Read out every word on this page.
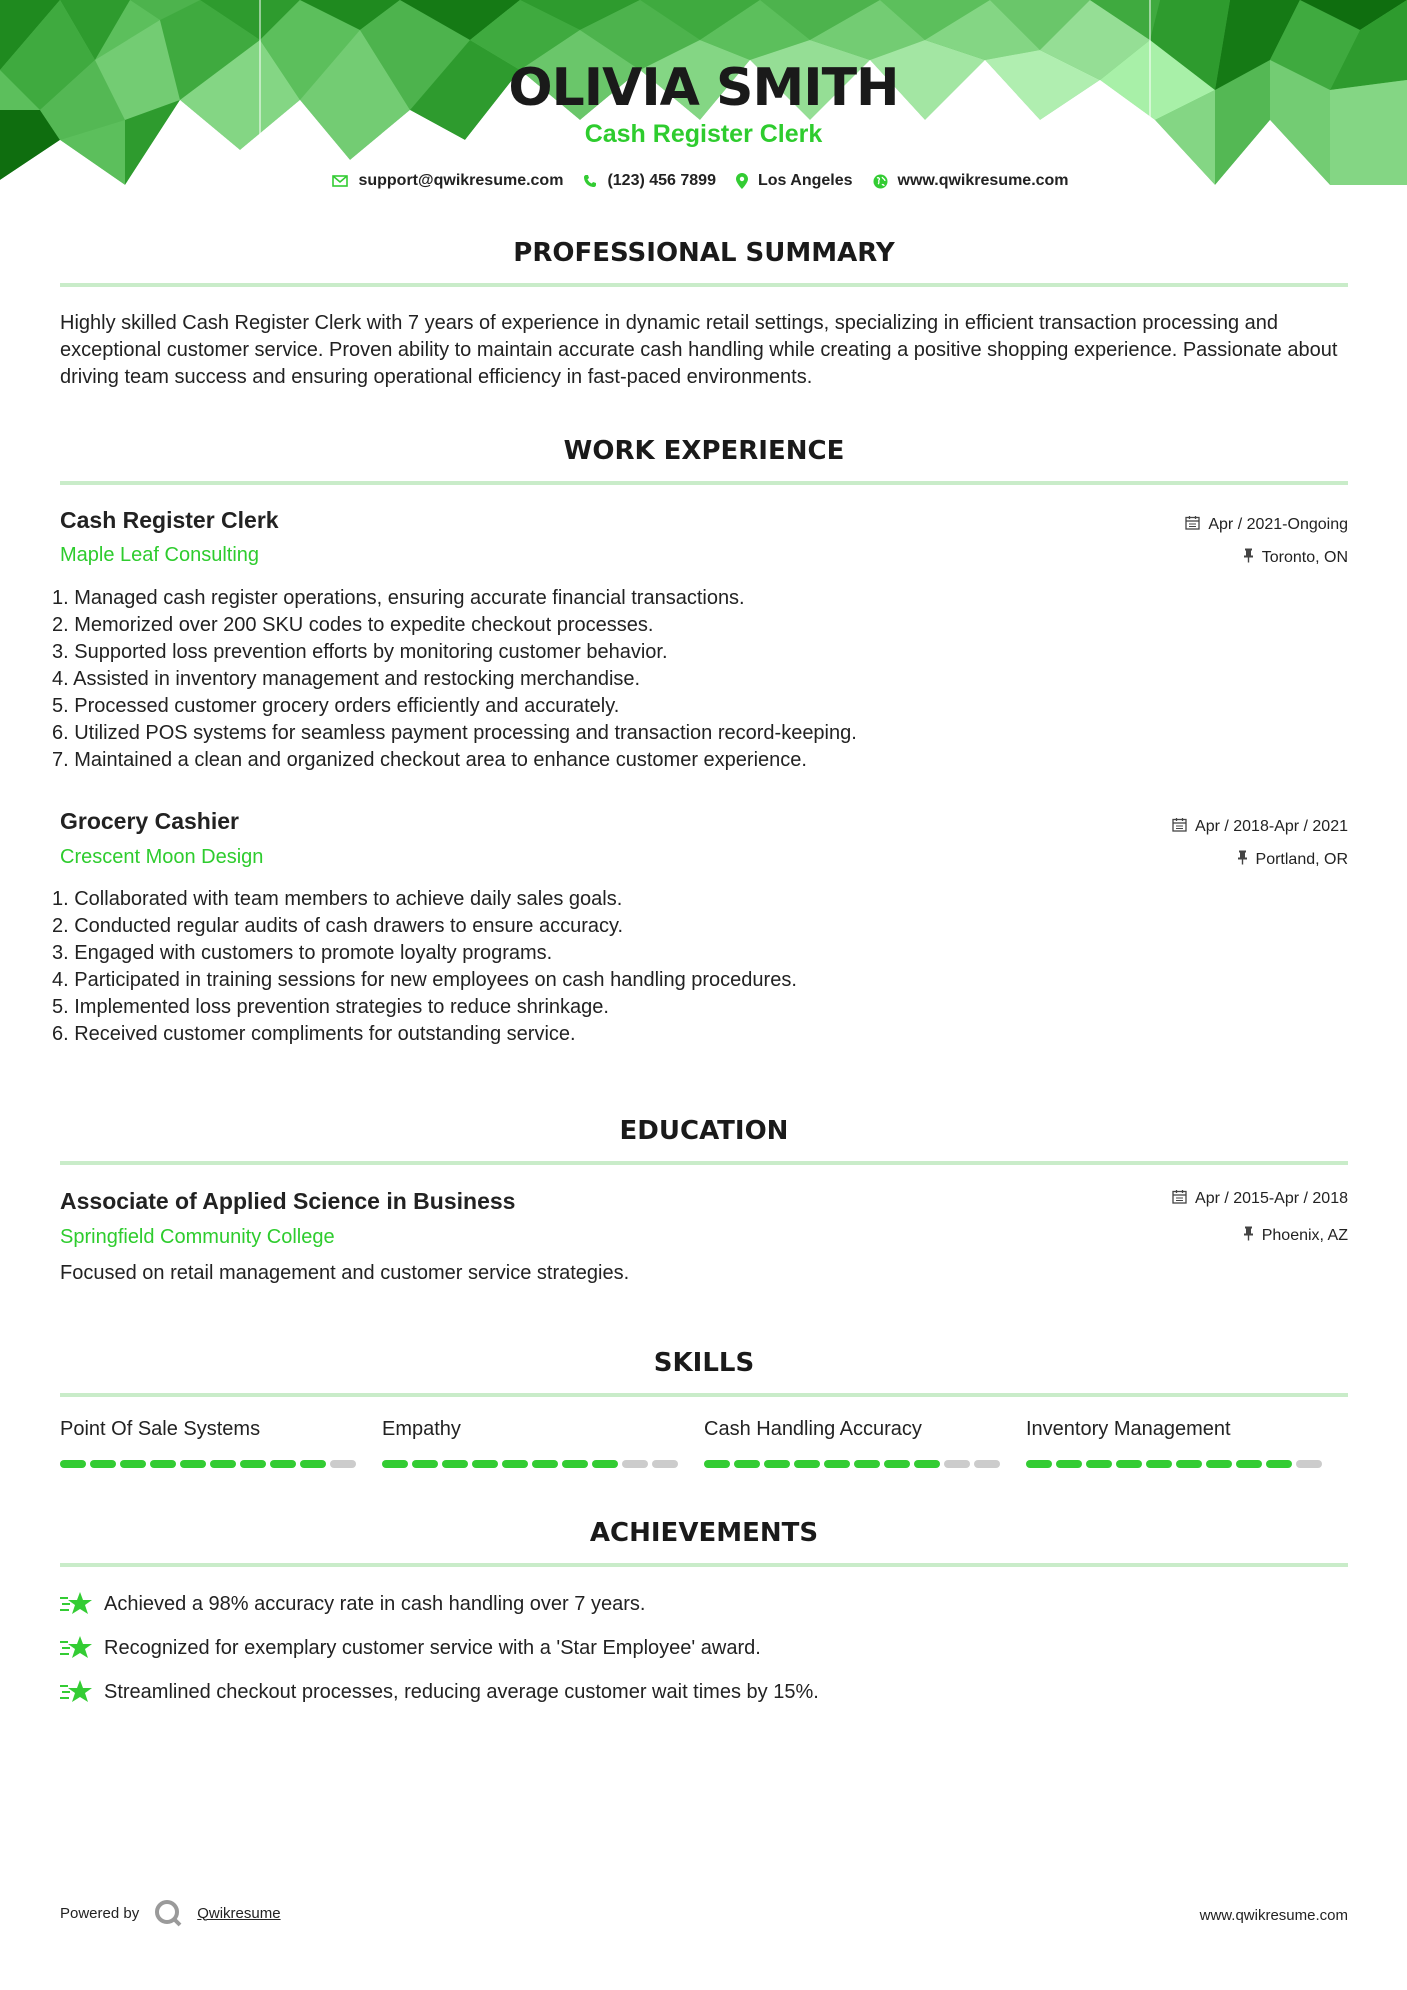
OLIVIA SMITH
Cash Register Clerk
support@qwikresume.com	(123) 456 7899	Los Angeles	www.qwikresume.com
PROFESSIONAL SUMMARY
Highly skilled Cash Register Clerk with 7 years of experience in dynamic retail settings, specializing in efficient transaction processing and exceptional customer service. Proven ability to maintain accurate cash handling while creating a positive shopping experience. Passionate about driving team success and ensuring operational efficiency in fast-paced environments.
WORK EXPERIENCE
Cash Register Clerk
Maple Leaf Consulting
Apr / 2021-Ongoing
Toronto, ON
1. Managed cash register operations, ensuring accurate financial transactions.
2. Memorized over 200 SKU codes to expedite checkout processes.
3. Supported loss prevention efforts by monitoring customer behavior.
4. Assisted in inventory management and restocking merchandise.
5. Processed customer grocery orders efficiently and accurately.
6. Utilized POS systems for seamless payment processing and transaction record-keeping.
7. Maintained a clean and organized checkout area to enhance customer experience.
Grocery Cashier
Crescent Moon Design
Apr / 2018-Apr / 2021
Portland, OR
1. Collaborated with team members to achieve daily sales goals.
2. Conducted regular audits of cash drawers to ensure accuracy.
3. Engaged with customers to promote loyalty programs.
4. Participated in training sessions for new employees on cash handling procedures.
5. Implemented loss prevention strategies to reduce shrinkage.
6. Received customer compliments for outstanding service.
EDUCATION
Associate of Applied Science in Business
Springfield Community College
Apr / 2015-Apr / 2018
Phoenix, AZ
Focused on retail management and customer service strategies.
SKILLS
Point Of Sale Systems	Empathy	Cash Handling Accuracy	Inventory Management
ACHIEVEMENTS
Achieved a 98% accuracy rate in cash handling over 7 years.
Recognized for exemplary customer service with a 'Star Employee' award.
Streamlined checkout processes, reducing average customer wait times by 15%.
Powered by	Qwikresume	www.qwikresume.com
